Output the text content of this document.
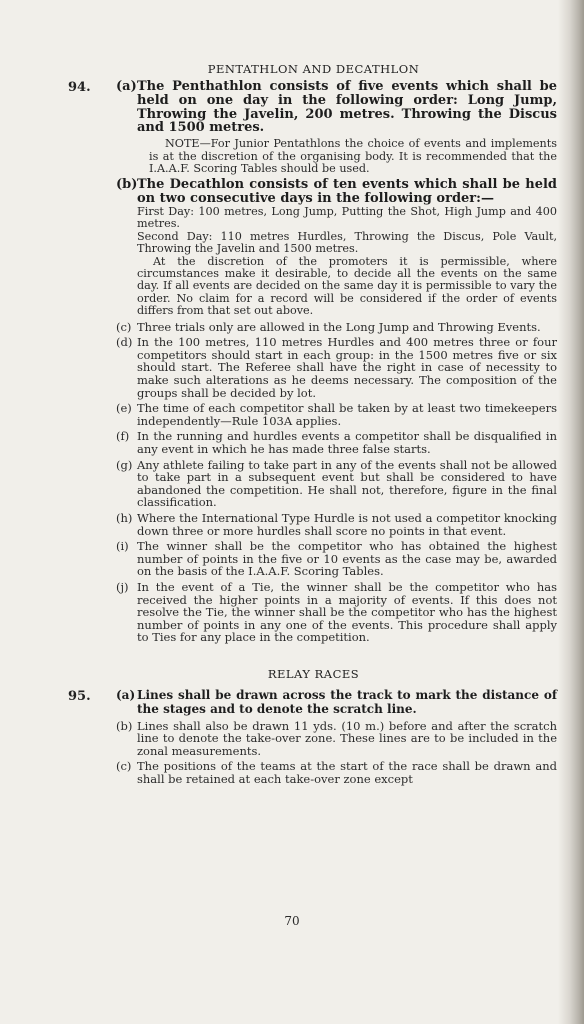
PENTATHLON AND DECATHLON
94. (a) The Penthathlon consists of five events which shall be held on one day in the following order: Long Jump, Throwing the Javelin, 200 metres. Throwing the Discus and 1500 metres.

NOTE—For Junior Pentathlons the choice of events and implements is at the discretion of the organising body. It is recommended that the I.A.A.F. Scoring Tables should be used.

(b) The Decathlon consists of ten events which shall be held on two consecutive days in the following order:—

First Day: 100 metres, Long Jump, Putting the Shot, High Jump and 400 metres.

Second Day: 110 metres Hurdles, Throwing the Discus, Pole Vault, Throwing the Javelin and 1500 metres.

At the discretion of the promoters it is permissible, where circumstances make it desirable, to decide all the events on the same day. If all events are decided on the same day it is permissible to vary the order. No claim for a record will be considered if the order of events differs from that set out above.

(c) Three trials only are allowed in the Long Jump and Throwing Events.
(d) In the 100 metres, 110 metres Hurdles and 400 metres three or four competitors should start in each group: in the 1500 metres five or six should start. The Referee shall have the right in case of necessity to make such alterations as he deems necessary. The composition of the groups shall be decided by lot.
(e) The time of each competitor shall be taken by at least two timekeepers independently—Rule 103A applies.
(f) In the running and hurdles events a competitor shall be disqualified in any event in which he has made three false starts.
(g) Any athlete failing to take part in any of the events shall not be allowed to take part in a subsequent event but shall be considered to have abandoned the competition. He shall not, therefore, figure in the final classification.
(h) Where the International Type Hurdle is not used a competitor knocking down three or more hurdles shall score no points in that event.
(i) The winner shall be the competitor who has obtained the highest number of points in the five or 10 events as the case may be, awarded on the basis of the I.A.A.F. Scoring Tables.
(j) In the event of a Tie, the winner shall be the competitor who has received the higher points in a majority of events. If this does not resolve the Tie, the winner shall be the competitor who has the highest number of points in any one of the events. This procedure shall apply to Ties for any place in the competition.
RELAY RACES
95. (a) Lines shall be drawn across the track to mark the distance of the stages and to denote the scratch line.
(b) Lines shall also be drawn 11 yds. (10 m.) before and after the scratch line to denote the take-over zone. These lines are to be included in the zonal measurements.
(c) The positions of the teams at the start of the race shall be drawn and shall be retained at each take-over zone except
70
